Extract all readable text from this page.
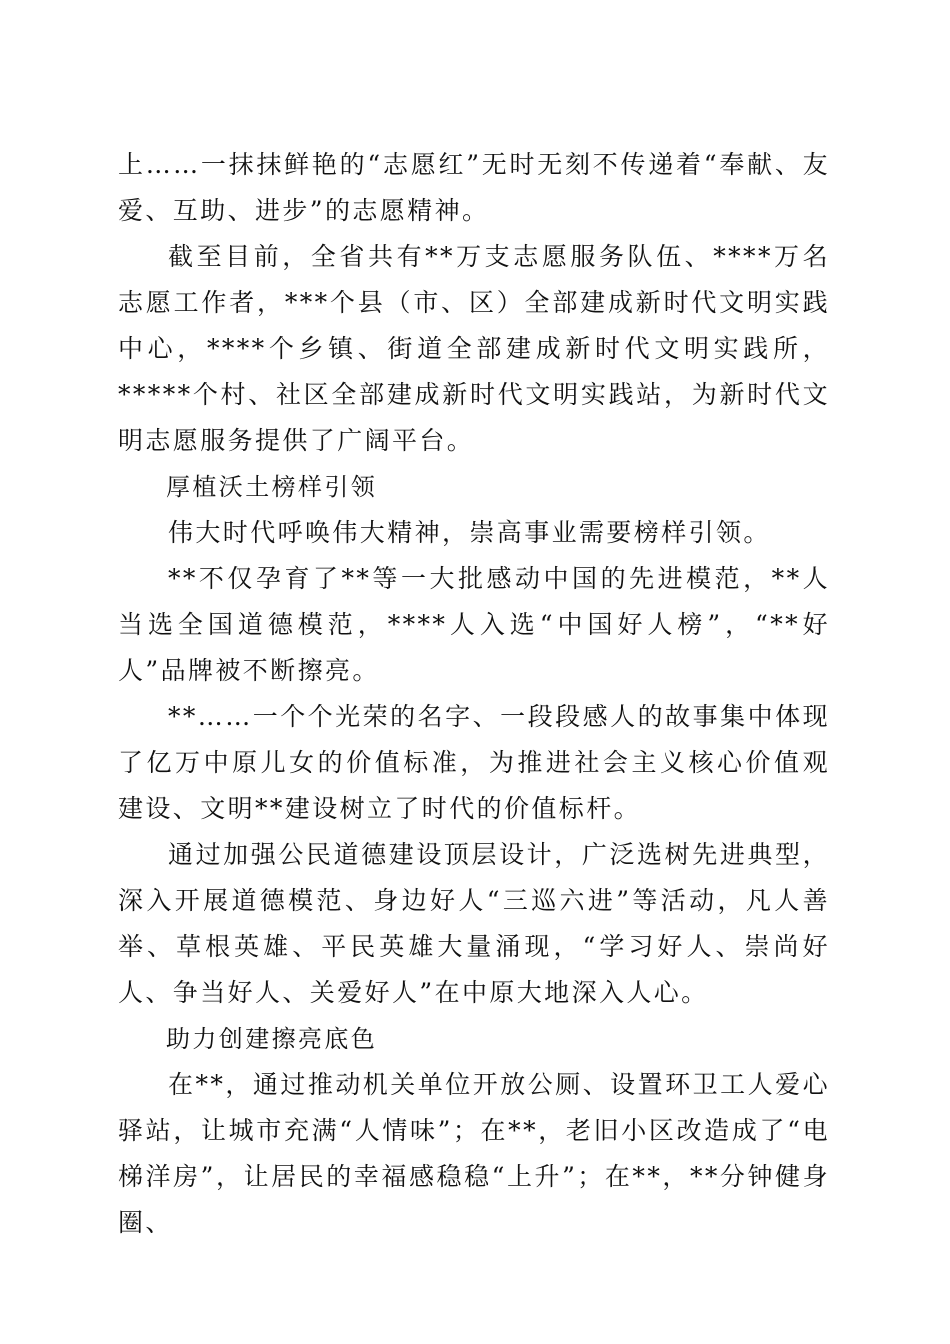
上……一抹抹鲜艳的“志愿红”无时无刻不传递着“奉献、友爱、互助、进步”的志愿精神。

截至目前，全省共有**万支志愿服务队伍、****万名志愿工作者，***个县（市、区）全部建成新时代文明实践中心，****个乡镇、街道全部建成新时代文明实践所，*****个村、社区全部建成新时代文明实践站，为新时代文明志愿服务提供了广阔平台。

厚植沃土榜样引领

伟大时代呼唤伟大精神，崇高事业需要榜样引领。

**不仅孕育了**等一大批感动中国的先进模范，**人当选全国道德模范，****人入选“中国好人榜”，“**好人”品牌被不断擦亮。

**……一个个光荣的名字、一段段感人的故事集中体现了亿万中原儿女的价值标准，为推进社会主义核心价值观建设、文明**建设树立了时代的价值标杆。

通过加强公民道德建设顶层设计，广泛选树先进典型，深入开展道德模范、身边好人“三巡六进”等活动，凡人善举、草根英雄、平民英雄大量涌现，“学习好人、崇尚好人、争当好人、关爱好人”在中原大地深入人心。

助力创建擦亮底色

在**，通过推动机关单位开放公厕、设置环卫工人爱心驿站，让城市充满“人情味”；在**，老旧小区改造成了“电梯洋房”，让居民的幸福感稳稳“上升”；在**，**分钟健身圈、
